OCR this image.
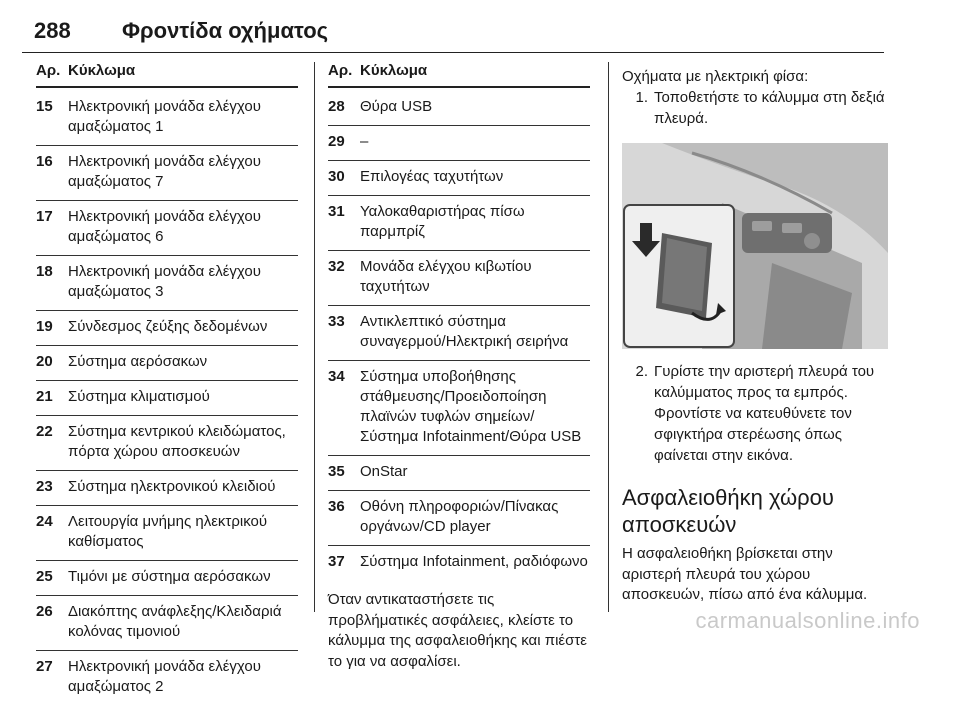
288 Φροντίδα οχήματος
Αρ. Κύκλωμα
15	Ηλεκτρονική μονάδα ελέγχου αμαξώματος 1
16	Ηλεκτρονική μονάδα ελέγχου αμαξώματος 7
17	Ηλεκτρονική μονάδα ελέγχου αμαξώματος 6
18	Ηλεκτρονική μονάδα ελέγχου αμαξώματος 3
19	Σύνδεσμος ζεύξης δεδομένων
20	Σύστημα αερόσακων
21	Σύστημα κλιματισμού
22	Σύστημα κεντρικού κλειδώματος, πόρτα χώρου αποσκευών
23	Σύστημα ηλεκτρονικού κλειδιού
24	Λειτουργία μνήμης ηλεκτρικού καθίσματος
25	Τιμόνι με σύστημα αερόσακων
26	Διακόπτης ανάφλεξης/Κλειδαριά κολόνας τιμονιού
27	Ηλεκτρονική μονάδα ελέγχου αμαξώματος 2
Αρ. Κύκλωμα
28	Θύρα USB
29	–
30	Επιλογέας ταχυτήτων
31	Υαλοκαθαριστήρας πίσω παρμπρίζ
32	Μονάδα ελέγχου κιβωτίου ταχυτήτων
33	Αντικλεπτικό σύστημα συναγερμού/Ηλεκτρική σειρήνα
34	Σύστημα υποβοήθησης στάθμευσης/Προειδοποίηση πλαϊνών τυφλών σημείων/Σύστημα Infotainment/Θύρα USB
35	OnStar
36	Οθόνη πληροφοριών/Πίνακας οργάνων/CD player
37	Σύστημα Infotainment, ραδιόφωνο
Όταν αντικαταστήσετε τις προβλήματικές ασφάλειες, κλείστε το κάλυμμα της ασφαλειοθήκης και πιέστε το για να ασφαλίσει.

Οχήματα με ηλεκτρική φίσα:

1. Τοποθετήστε το κάλυμμα στη δεξιά πλευρά.
2. Γυρίστε την αριστερή πλευρά του καλύμματος προς τα εμπρός. Φροντίστε να κατευθύνετε τον σφιγκτήρα στερέωσης όπως φαίνεται στην εικόνα.
Ασφαλειοθήκη χώρου αποσκευών
Η ασφαλειοθήκη βρίσκεται στην αριστερή πλευρά του χώρου αποσκευών, πίσω από ένα κάλυμμα.
carmanualsonline.info
